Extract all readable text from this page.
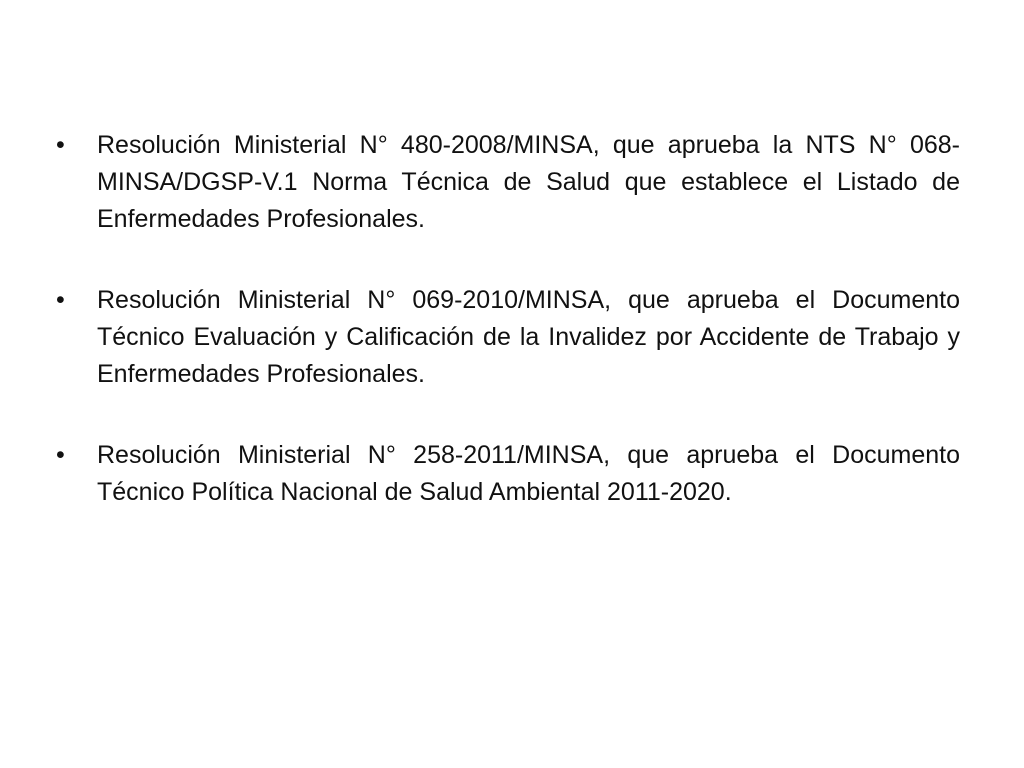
•	Resolución Ministerial N° 480-2008/MINSA, que aprueba la NTS N° 068-MINSA/DGSP-V.1 Norma Técnica de Salud que establece el Listado de Enfermedades Profesionales.
•	Resolución Ministerial N° 069-2010/MINSA, que aprueba el Documento Técnico Evaluación y Calificación de la Invalidez por Accidente de Trabajo y Enfermedades Profesionales.
•	Resolución Ministerial N° 258-2011/MINSA, que aprueba el Documento Técnico Política Nacional de Salud Ambiental 2011-2020.
